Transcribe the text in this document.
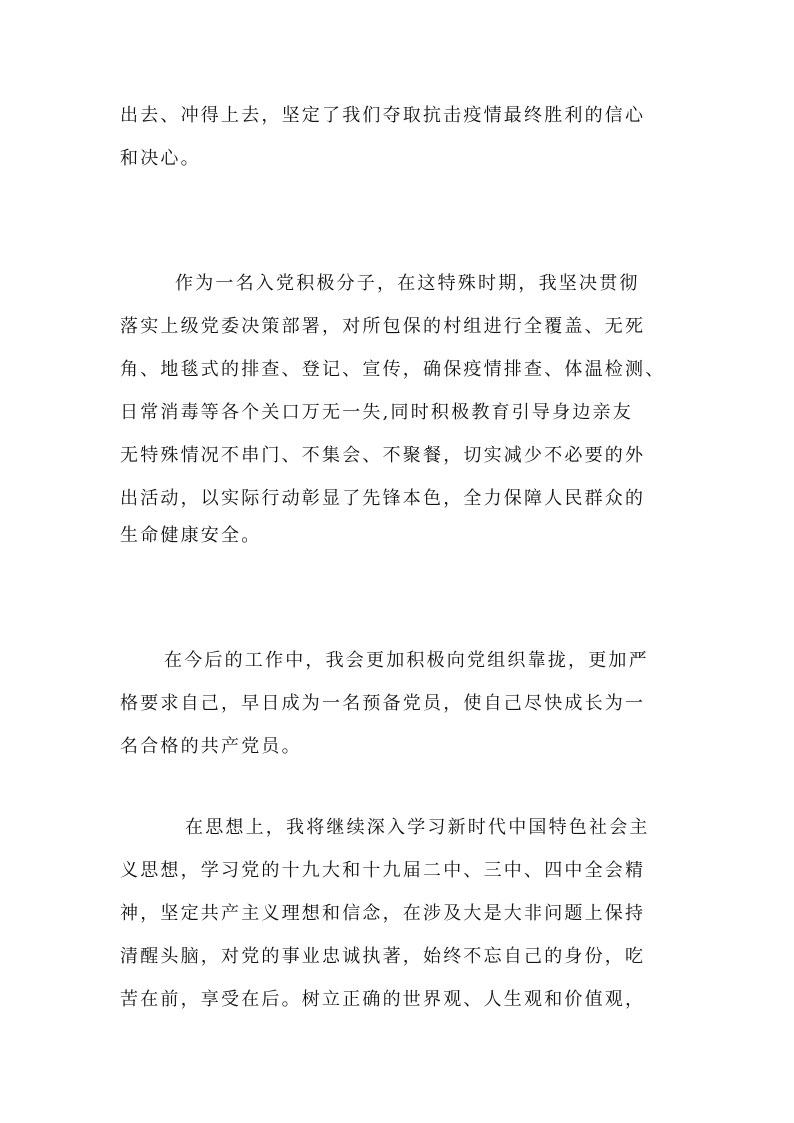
出去、冲得上去，坚定了我们夺取抗击疫情最终胜利的信心

和决心。

作为一名入党积极分子，在这特殊时期，我坚决贯彻

落实上级党委决策部署，对所包保的村组进行全覆盖、无死

角、地毯式的排查、登记、宣传，确保疫情排查、体温检测、

日常消毒等各个关口万无一失,同时积极教育引导身边亲友

无特殊情况不串门、不集会、不聚餐，切实减少不必要的外

出活动，以实际行动彰显了先锋本色，全力保障人民群众的

生命健康安全。

在今后的工作中，我会更加积极向党组织靠拢，更加严

格要求自己，早日成为一名预备党员，使自己尽快成长为一

名合格的共产党员。

在思想上，我将继续深入学习新时代中国特色社会主

义思想，学习党的十九大和十九届二中、三中、四中全会精

神，坚定共产主义理想和信念，在涉及大是大非问题上保持

清醒头脑，对党的事业忠诚执著，始终不忘自己的身份，吃

苦在前，享受在后。树立正确的世界观、人生观和价值观，
